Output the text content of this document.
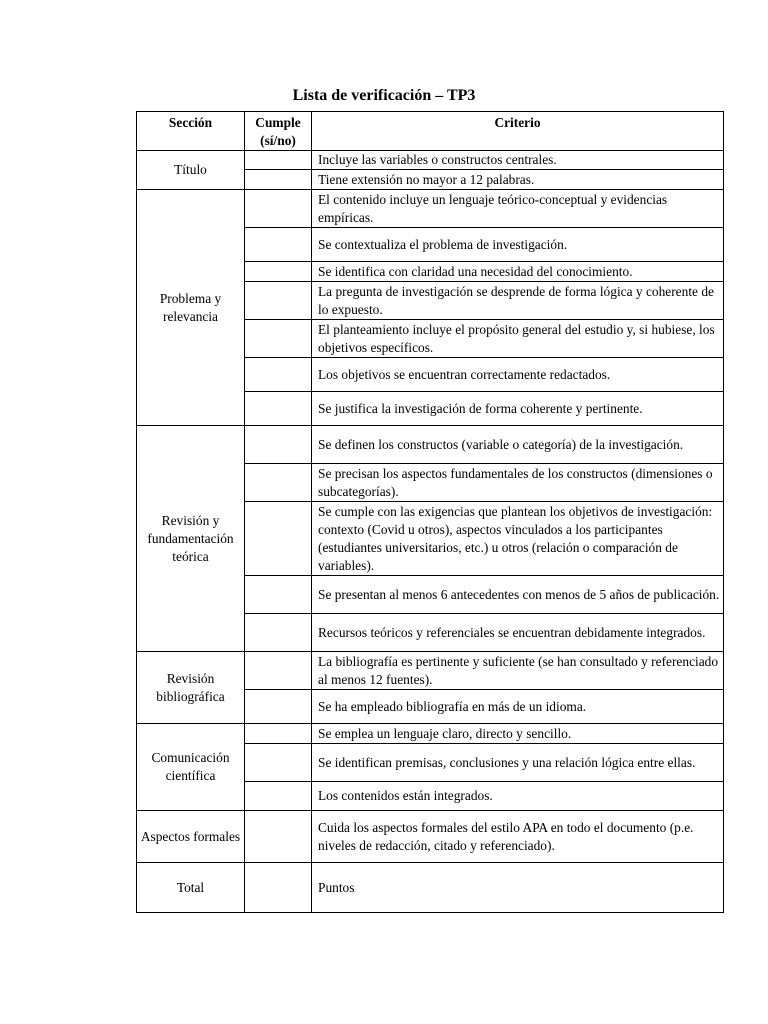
Lista de verificación – TP3
Sección	Cumple (sí/no)	Criterio
Título		Incluye las variables o constructos centrales.
		Tiene extensión no mayor a 12 palabras.
Problema y relevancia		El contenido incluye un lenguaje teórico-conceptual y evidencias empíricas.
		Se contextualiza el problema de investigación.
		Se identifica con claridad una necesidad del conocimiento.
		La pregunta de investigación se desprende de forma lógica y coherente de lo expuesto.
		El planteamiento incluye el propósito general del estudio y, si hubiese, los objetivos específicos.
		Los objetivos se encuentran correctamente redactados.
		Se justifica la investigación de forma coherente y pertinente.
Revisión y fundamentación teórica		Se definen los constructos (variable o categoría) de la investigación.
		Se precisan los aspectos fundamentales de los constructos (dimensiones o subcategorías).
		Se cumple con las exigencias que plantean los objetivos de investigación: contexto (Covid u otros), aspectos vinculados a los participantes (estudiantes universitarios, etc.) u otros (relación o comparación de variables).
		Se presentan al menos 6 antecedentes con menos de 5 años de publicación.
		Recursos teóricos y referenciales se encuentran debidamente integrados.
Revisión bibliográfica		La bibliografía es pertinente y suficiente (se han consultado y referenciado al menos 12 fuentes).
		Se ha empleado bibliografía en más de un idioma.
Comunicación científica		Se emplea un lenguaje claro, directo y sencillo.
		Se identifican premisas, conclusiones y una relación lógica entre ellas.
		Los contenidos están integrados.
Aspectos formales		Cuida los aspectos formales del estilo APA en todo el documento (p.e. niveles de redacción, citado y referenciado).
Total		Puntos
